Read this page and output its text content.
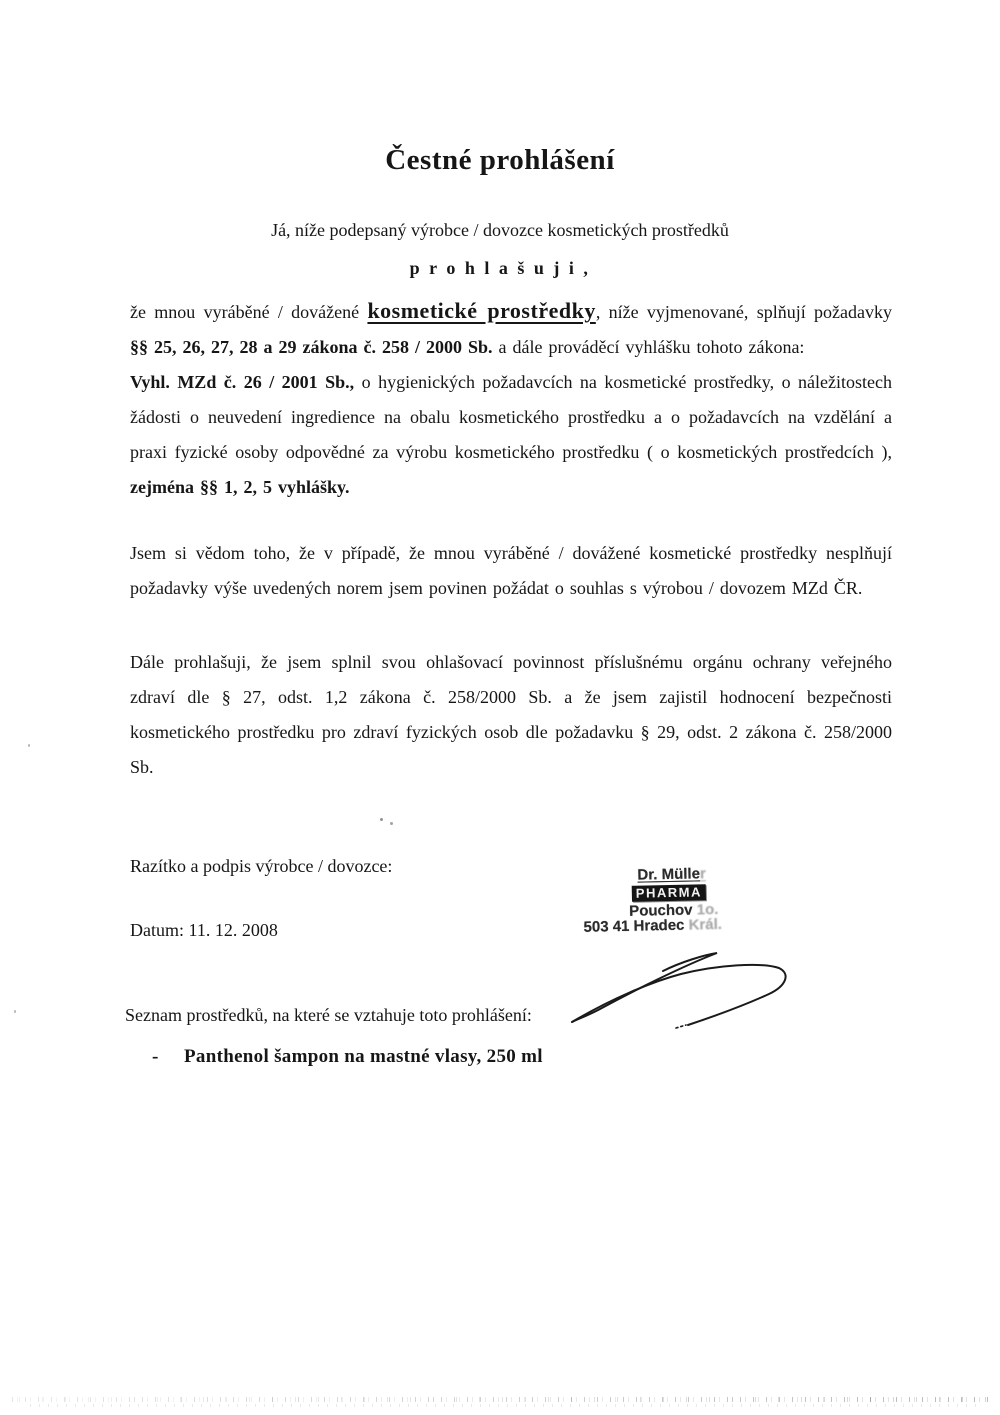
Čestné prohlášení

Já, níže podepsaný výrobce / dovozce kosmetických prostředků

p r o h l a š u j i ,

že mnou vyráběné / dovážené kosmetické prostředky, níže vyjmenované, splňují požadavky §§ 25, 26, 27, 28 a 29 zákona č. 258 / 2000 Sb. a dále prováděcí vyhlášku tohoto zákona:
Vyhl. MZd č. 26 / 2001 Sb., o hygienických požadavcích na kosmetické prostředky, o náležitostech žádosti o neuvedení ingredience na obalu kosmetického prostředku a o požadavcích na vzdělání a praxi fyzické osoby odpovědné za výrobu kosmetického prostředku ( o kosmetických prostředcích ), zejména §§ 1, 2, 5 vyhlášky.

Jsem si vědom toho, že v případě, že mnou vyráběné / dovážené kosmetické prostředky nesplňují požadavky výše uvedených norem jsem povinen požádat o souhlas s výrobou / dovozem MZd ČR.

Dále prohlašuji, že jsem splnil svou ohlašovací povinnost příslušnému orgánu ochrany veřejného zdraví dle § 27, odst. 1,2 zákona č. 258/2000 Sb. a že jsem zajistil hodnocení bezpečnosti kosmetického prostředku pro zdraví fyzických osob dle požadavku § 29, odst. 2 zákona č. 258/2000 Sb.

Razítko a podpis výrobce / dovozce:

Datum: 11. 12. 2008

Dr. Müller
PHARMA
Pouchov 1o.
503 41 Hradec Král.

Seznam prostředků, na které se vztahuje toto prohlášení:

- Panthenol šampon na mastné vlasy, 250 ml
